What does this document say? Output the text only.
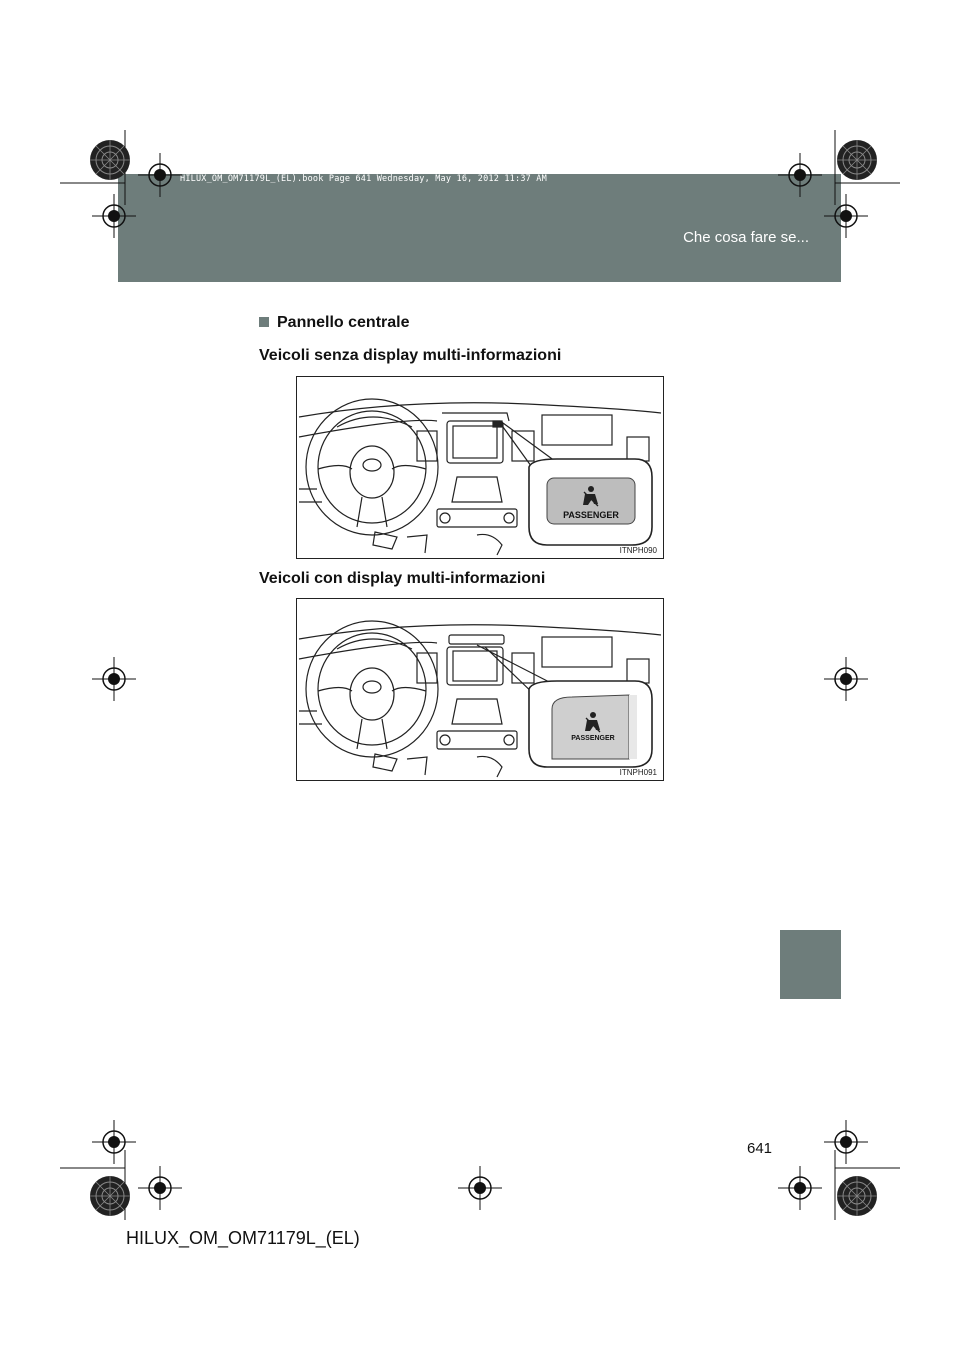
HILUX_OM_OM71179L_(EL).book Page 641 Wednesday, May 16, 2012 11:37 AM
Che cosa fare se...
Pannello centrale
Veicoli senza display multi-informazioni
PASSENGER
ITNPH090
Veicoli con display multi-informazioni
PASSENGER
ITNPH091
641
HILUX_OM_OM71179L_(EL)
